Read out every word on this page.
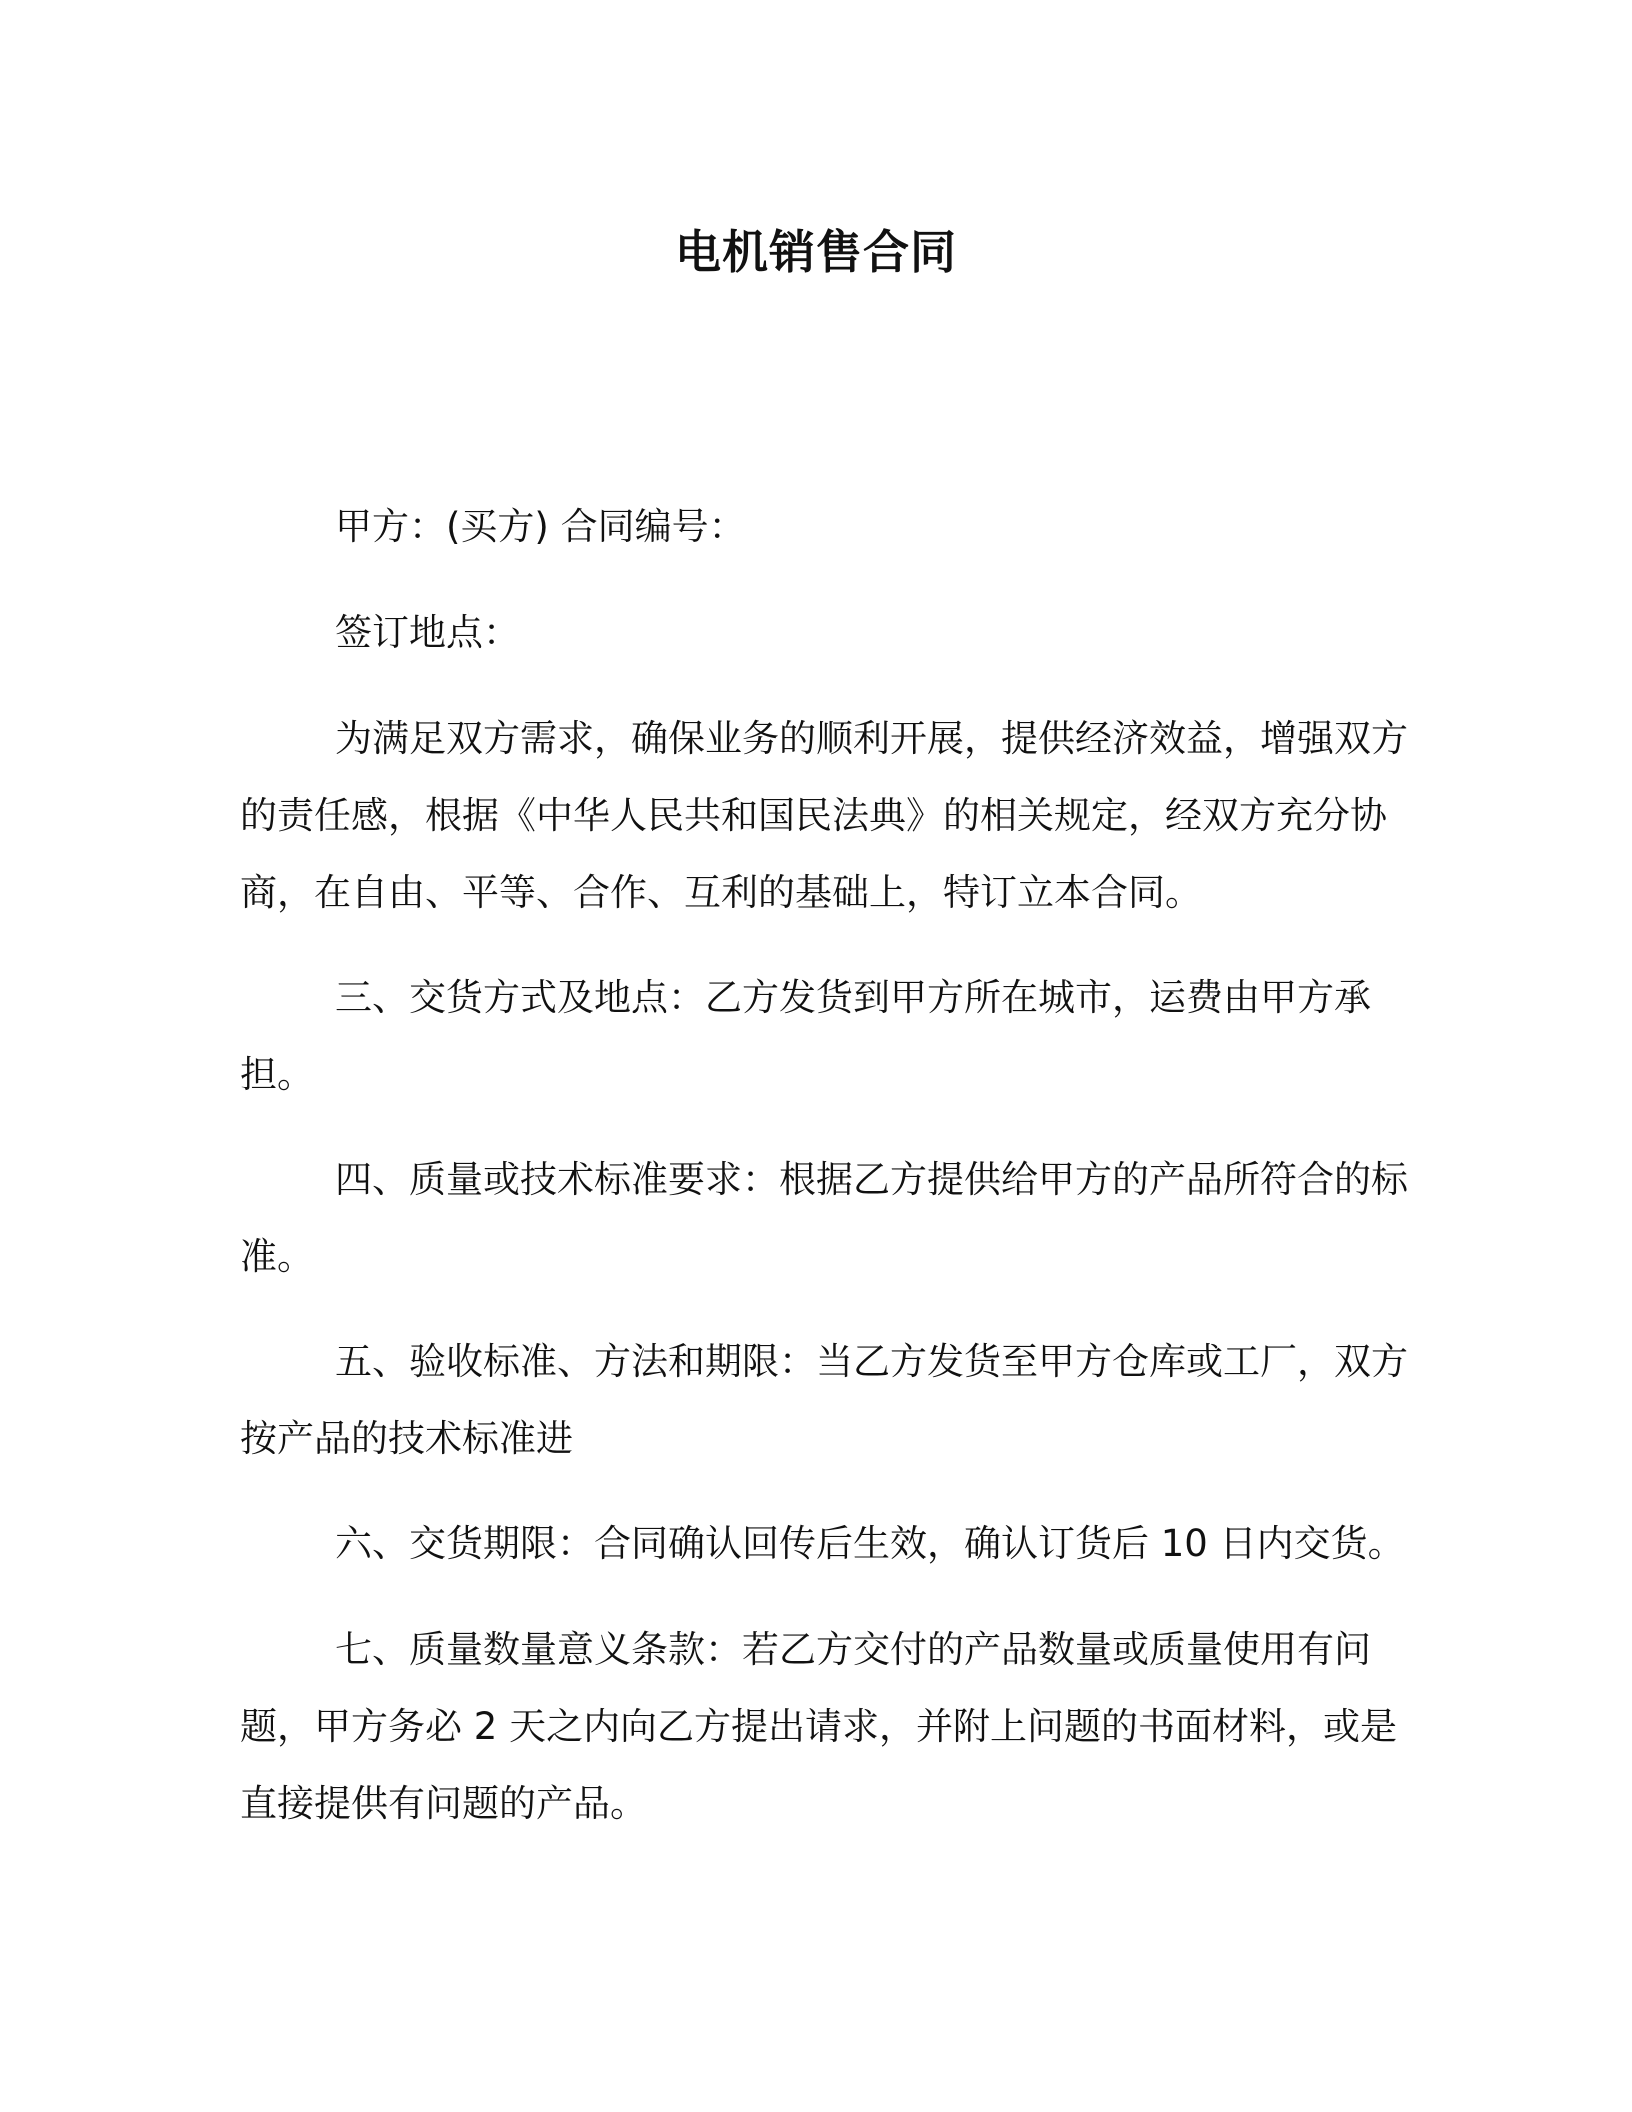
电机销售合同

甲方：(买方) 合同编号：

签订地点：

为满足双方需求，确保业务的顺利开展，提供经济效益，增强双方的责任感，根据《中华人民共和国民法典》的相关规定，经双方充分协商，在自由、平等、合作、互利的基础上，特订立本合同。

三、交货方式及地点：乙方发货到甲方所在城市，运费由甲方承担。

四、质量或技术标准要求：根据乙方提供给甲方的产品所符合的标准。

五、验收标准、方法和期限：当乙方发货至甲方仓库或工厂，双方按产品的技术标准进

六、交货期限：合同确认回传后生效，确认订货后 10 日内交货。

七、质量数量意义条款：若乙方交付的产品数量或质量使用有问题，甲方务必 2 天之内向乙方提出请求，并附上问题的书面材料，或是直接提供有问题的产品。
